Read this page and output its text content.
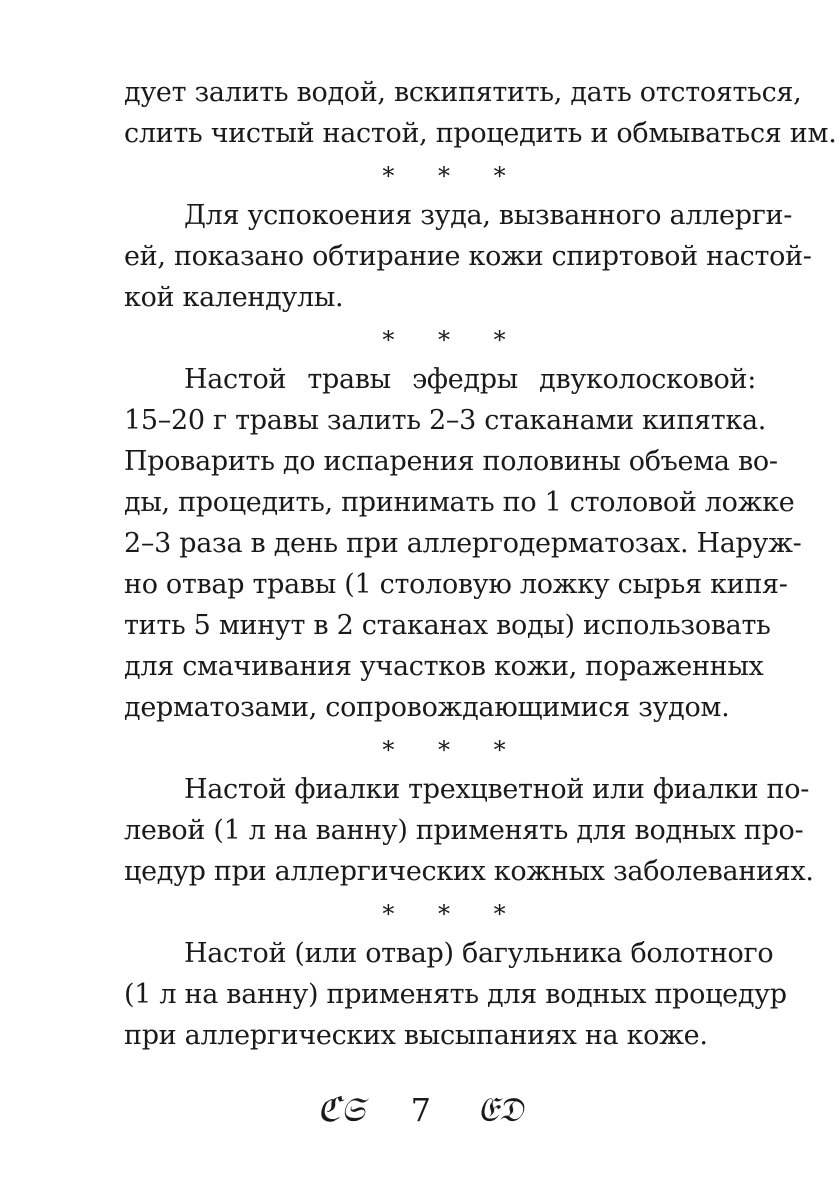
дует залить водой, вскипятить, дать отстояться,
слить чистый настой, процедить и обмываться им.
* * *
Для успокоения зуда, вызванного аллерги-
ей, показано обтирание кожи спиртовой настой-
кой календулы.
* * *
Настой травы эфедры двуколосковой:
15–20 г травы залить 2–3 стаканами кипятка.
Проварить до испарения половины объема во-
ды, процедить, принимать по 1 столовой ложке
2–3 раза в день при аллергодерматозах. Наруж-
но отвар травы (1 столовую ложку сырья кипя-
тить 5 минут в 2 стаканах воды) использовать
для смачивания участков кожи, пораженных
дерматозами, сопровождающимися зудом.
* * *
Настой фиалки трехцветной или фиалки по-
левой (1 л на ванну) применять для водных про-
цедур при аллергических кожных заболеваниях.
* * *
Настой (или отвар) багульника болотного
(1 л на ванну) применять для водных процедур
при аллергических высыпаниях на коже.
ℭ𝔖 7 𝔈𝔇
